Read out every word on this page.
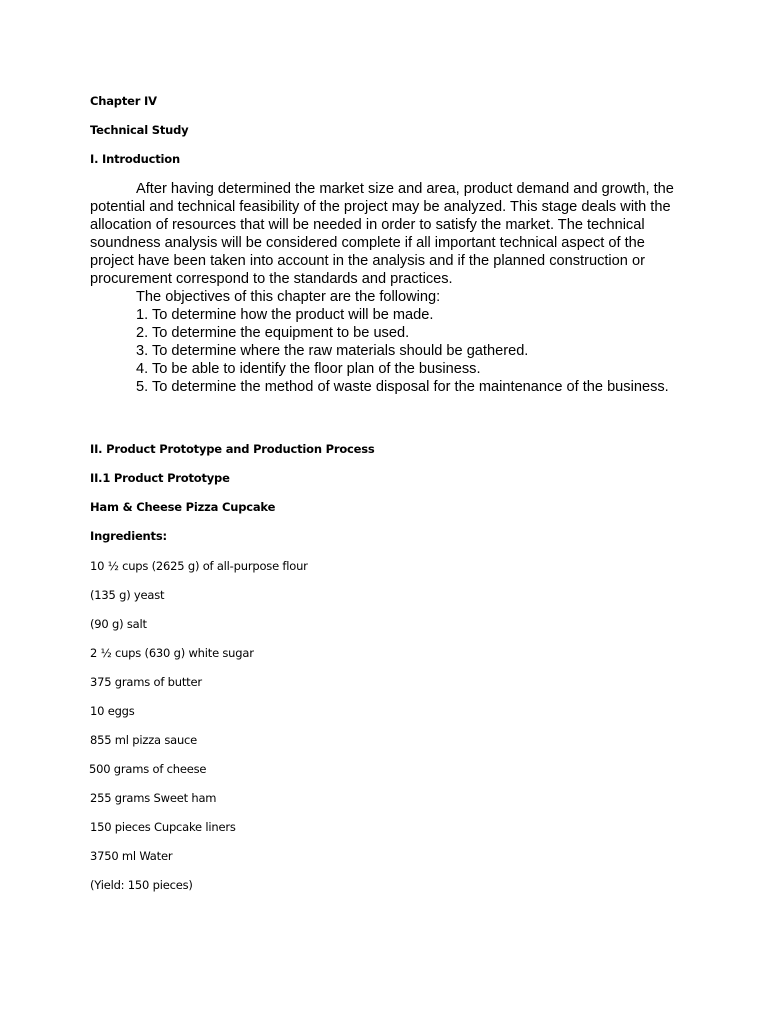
Chapter IV
Technical Study
I. Introduction

After having determined the market size and area, product demand and growth, the potential and technical feasibility of the project may be analyzed. This stage deals with the allocation of resources that will be needed in order to satisfy the market. The technical soundness analysis will be considered complete if all important technical aspect of the project have been taken into account in the analysis and if the planned construction or procurement correspond to the standards and practices.

The objectives of this chapter are the following:

1. To determine how the product will be made.

2. To determine the equipment to be used.

3. To determine where the raw materials should be gathered.

4. To be able to identify the floor plan of the business.

5. To determine the method of waste disposal for the maintenance of the business.

II. Product Prototype and Production Process
II.1 Product Prototype
Ham & Cheese Pizza Cupcake
Ingredients:
10 ½ cups (2625 g) of all-purpose flour
(135 g) yeast
(90 g) salt
2 ½ cups (630 g) white sugar
375 grams of butter
10 eggs
855 ml pizza sauce
500 grams of cheese
255 grams Sweet ham
150 pieces Cupcake liners
3750 ml Water
(Yield: 150 pieces)
